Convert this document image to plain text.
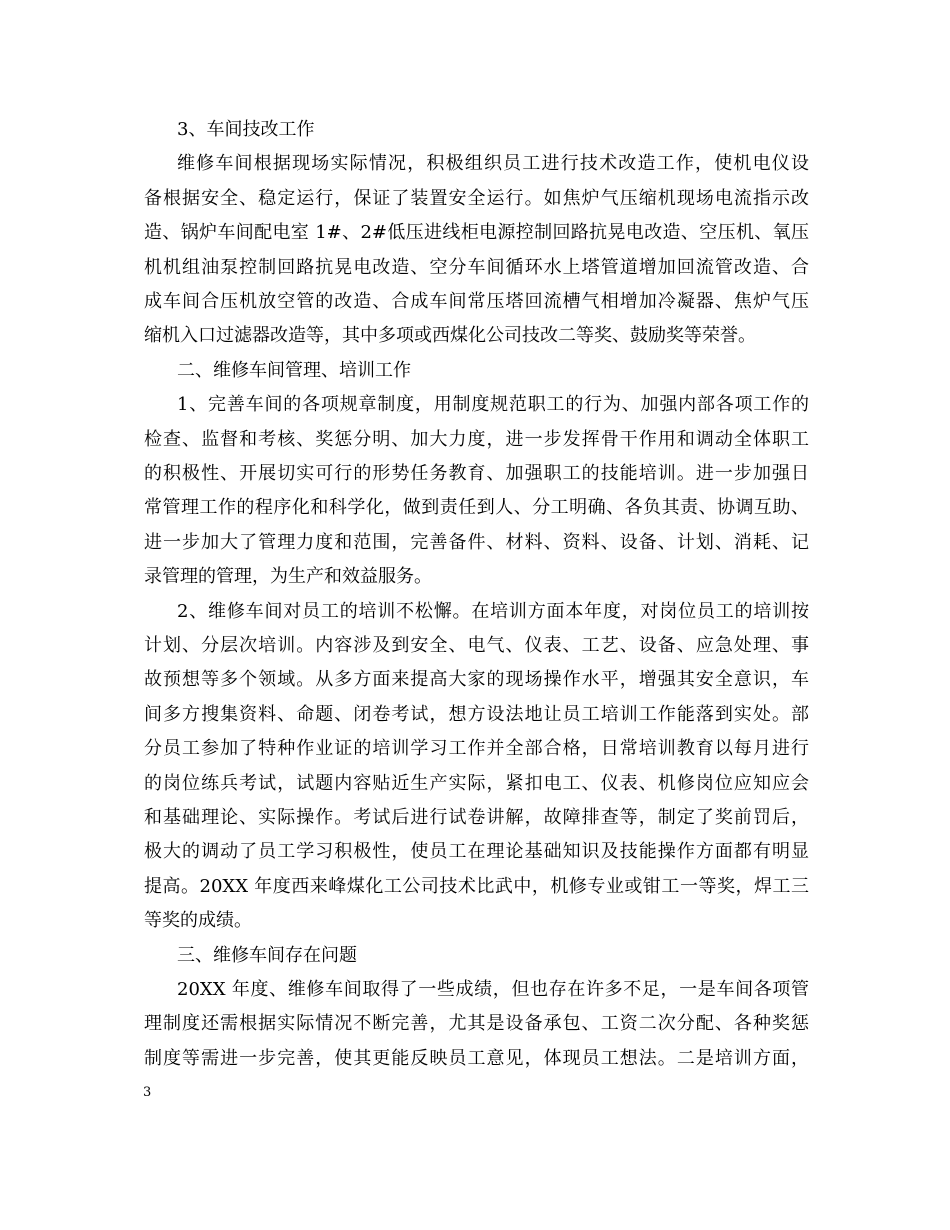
3、车间技改工作
维修车间根据现场实际情况，积极组织员工进行技术改造工作，使机电仪设
备根据安全、稳定运行，保证了装置安全运行。如焦炉气压缩机现场电流指示改
造、锅炉车间配电室 1#、2#低压进线柜电源控制回路抗晃电改造、空压机、氧压
机机组油泵控制回路抗晃电改造、空分车间循环水上塔管道增加回流管改造、合
成车间合压机放空管的改造、合成车间常压塔回流槽气相增加冷凝器、焦炉气压
缩机入口过滤器改造等，其中多项或西煤化公司技改二等奖、鼓励奖等荣誉。
二、维修车间管理、培训工作
1、完善车间的各项规章制度，用制度规范职工的行为、加强内部各项工作的
检查、监督和考核、奖惩分明、加大力度，进一步发挥骨干作用和调动全体职工
的积极性、开展切实可行的形势任务教育、加强职工的技能培训。进一步加强日
常管理工作的程序化和科学化，做到责任到人、分工明确、各负其责、协调互助、
进一步加大了管理力度和范围，完善备件、材料、资料、设备、计划、消耗、记
录管理的管理，为生产和效益服务。
2、维修车间对员工的培训不松懈。在培训方面本年度，对岗位员工的培训按
计划、分层次培训。内容涉及到安全、电气、仪表、工艺、设备、应急处理、事
故预想等多个领域。从多方面来提高大家的现场操作水平，增强其安全意识，车
间多方搜集资料、命题、闭卷考试，想方设法地让员工培训工作能落到实处。部
分员工参加了特种作业证的培训学习工作并全部合格，日常培训教育以每月进行
的岗位练兵考试，试题内容贴近生产实际，紧扣电工、仪表、机修岗位应知应会
和基础理论、实际操作。考试后进行试卷讲解，故障排查等，制定了奖前罚后，
极大的调动了员工学习积极性，使员工在理论基础知识及技能操作方面都有明显
提高。20XX 年度西来峰煤化工公司技术比武中，机修专业或钳工一等奖，焊工三
等奖的成绩。
三、维修车间存在问题
20XX 年度、维修车间取得了一些成绩，但也存在许多不足，一是车间各项管
理制度还需根据实际情况不断完善，尤其是设备承包、工资二次分配、各种奖惩
制度等需进一步完善，使其更能反映员工意见，体现员工想法。二是培训方面，
3
